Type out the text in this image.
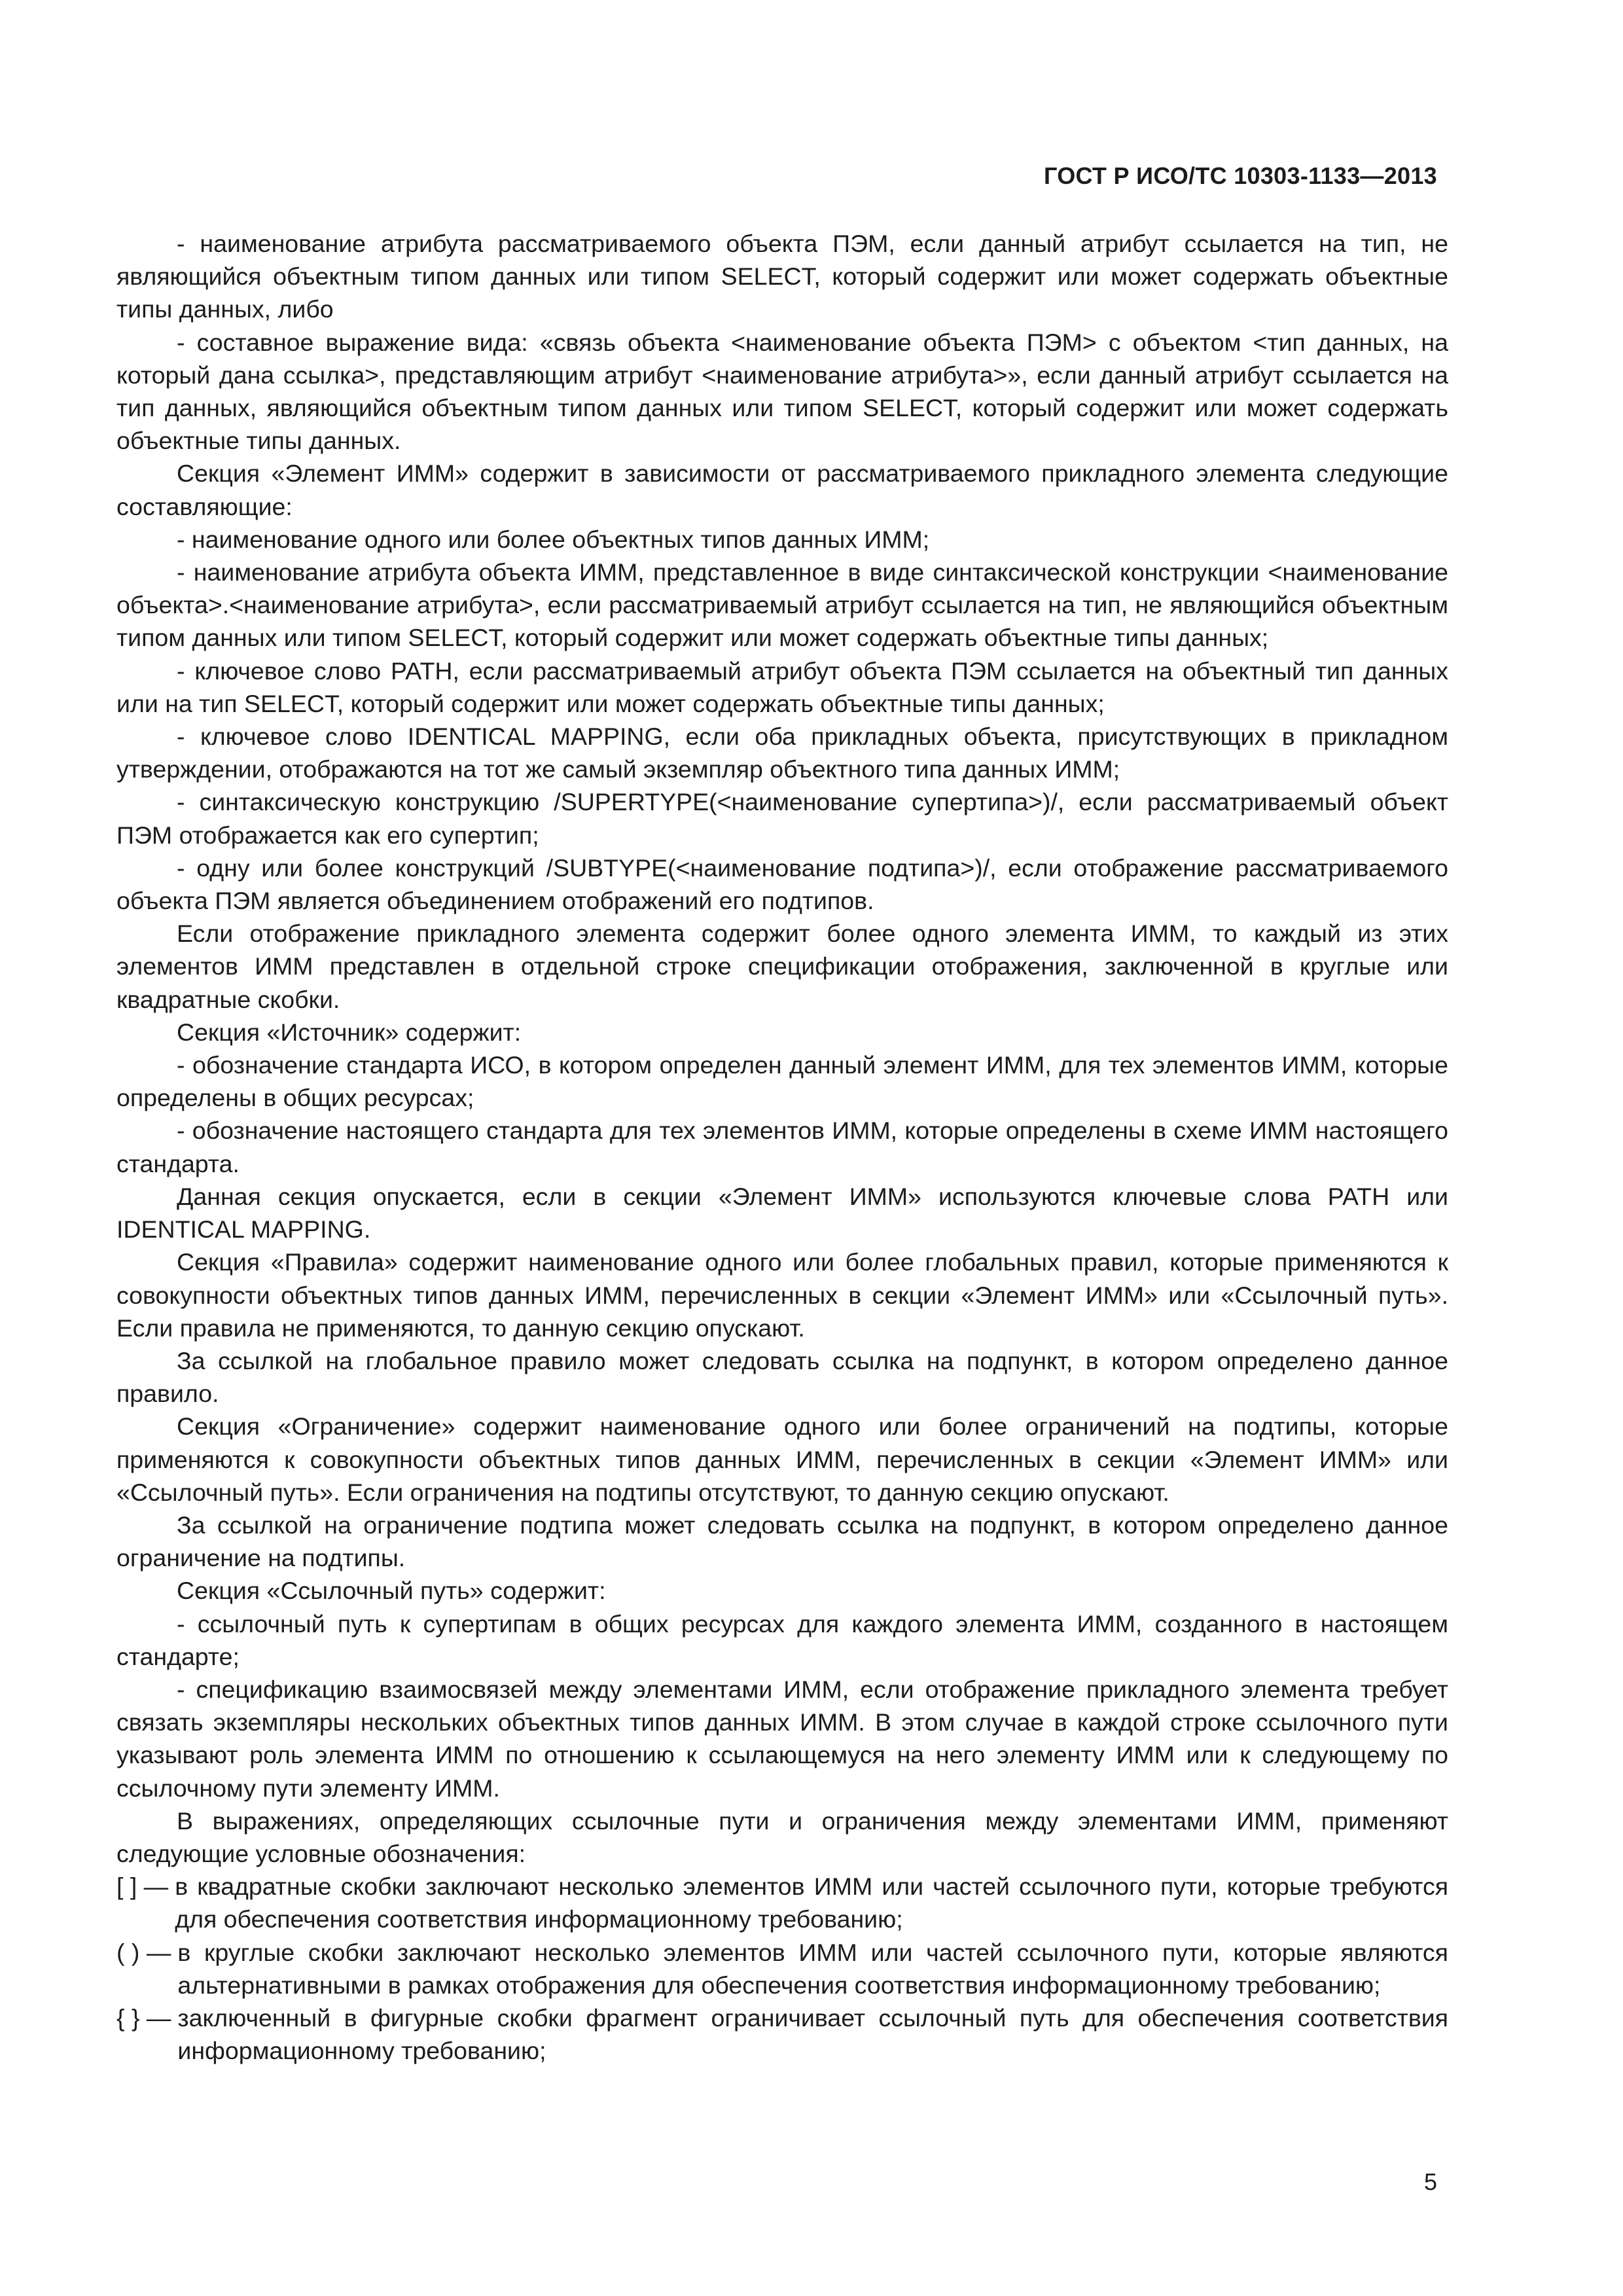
ГОСТ Р ИСО/ТС 10303-1133—2013

- наименование атрибута рассматриваемого объекта ПЭМ, если данный атрибут ссылается на тип, не являющийся объектным типом данных или типом SELECT, который содержит или может содержать объектные типы данных, либо

- составное выражение вида: «связь объекта <наименование объекта ПЭМ> с объектом <тип данных, на который дана ссылка>, представляющим атрибут <наименование атрибута>», если данный атрибут ссылается на тип данных, являющийся объектным типом данных или типом SELECT, который содержит или может содержать объектные типы данных.

Секция «Элемент ИММ» содержит в зависимости от рассматриваемого прикладного элемента следующие составляющие:

- наименование одного или более объектных типов данных ИММ;

- наименование атрибута объекта ИММ, представленное в виде синтаксической конструкции <наименование объекта>.<наименование атрибута>, если рассматриваемый атрибут ссылается на тип, не являющийся объектным типом данных или типом SELECT, который содержит или может содержать объектные типы данных;

- ключевое слово PATH, если рассматриваемый атрибут объекта ПЭМ ссылается на объектный тип данных или на тип SELECT, который содержит или может содержать объектные типы данных;

- ключевое слово IDENTICAL MAPPING, если оба прикладных объекта, присутствующих в прикладном утверждении, отображаются на тот же самый экземпляр объектного типа данных ИММ;

- синтаксическую конструкцию /SUPERTYPE(<наименование супертипа>)/, если рассматриваемый объект ПЭМ отображается как его супертип;

- одну или более конструкций /SUBTYPE(<наименование подтипа>)/, если отображение рассматриваемого объекта ПЭМ является объединением отображений его подтипов.

Если отображение прикладного элемента содержит более одного элемента ИММ, то каждый из этих элементов ИММ представлен в отдельной строке спецификации отображения, заключенной в круглые или квадратные скобки.

Секция «Источник» содержит:

- обозначение стандарта ИСО, в котором определен данный элемент ИММ, для тех элементов ИММ, которые определены в общих ресурсах;

- обозначение настоящего стандарта для тех элементов ИММ, которые определены в схеме ИММ настоящего стандарта.

Данная секция опускается, если в секции «Элемент ИММ» используются ключевые слова PATH или IDENTICAL MAPPING.

Секция «Правила» содержит наименование одного или более глобальных правил, которые применяются к совокупности объектных типов данных ИММ, перечисленных в секции «Элемент ИММ» или «Ссылочный путь». Если правила не применяются, то данную секцию опускают.

За ссылкой на глобальное правило может следовать ссылка на подпункт, в котором определено данное правило.

Секция «Ограничение» содержит наименование одного или более ограничений на подтипы, которые применяются к совокупности объектных типов данных ИММ, перечисленных в секции «Элемент ИММ» или «Ссылочный путь». Если ограничения на подтипы отсутствуют, то данную секцию опускают.

За ссылкой на ограничение подтипа может следовать ссылка на подпункт, в котором определено данное ограничение на подтипы.

Секция «Ссылочный путь» содержит:

- ссылочный путь к супертипам в общих ресурсах для каждого элемента ИММ, созданного в настоящем стандарте;

- спецификацию взаимосвязей между элементами ИММ, если отображение прикладного элемента требует связать экземпляры нескольких объектных типов данных ИММ. В этом случае в каждой строке ссылочного пути указывают роль элемента ИММ по отношению к ссылающемуся на него элементу ИММ или к следующему по ссылочному пути элементу ИММ.

В выражениях, определяющих ссылочные пути и ограничения между элементами ИММ, применяют следующие условные обозначения:

[ ] — в квадратные скобки заключают несколько элементов ИММ или частей ссылочного пути, которые требуются для обеспечения соответствия информационному требованию;
( ) — в круглые скобки заключают несколько элементов ИММ или частей ссылочного пути, которые являются альтернативными в рамках отображения для обеспечения соответствия информационному требованию;
{ } — заключенный в фигурные скобки фрагмент ограничивает ссылочный путь для обеспечения соответствия информационному требованию;
5
